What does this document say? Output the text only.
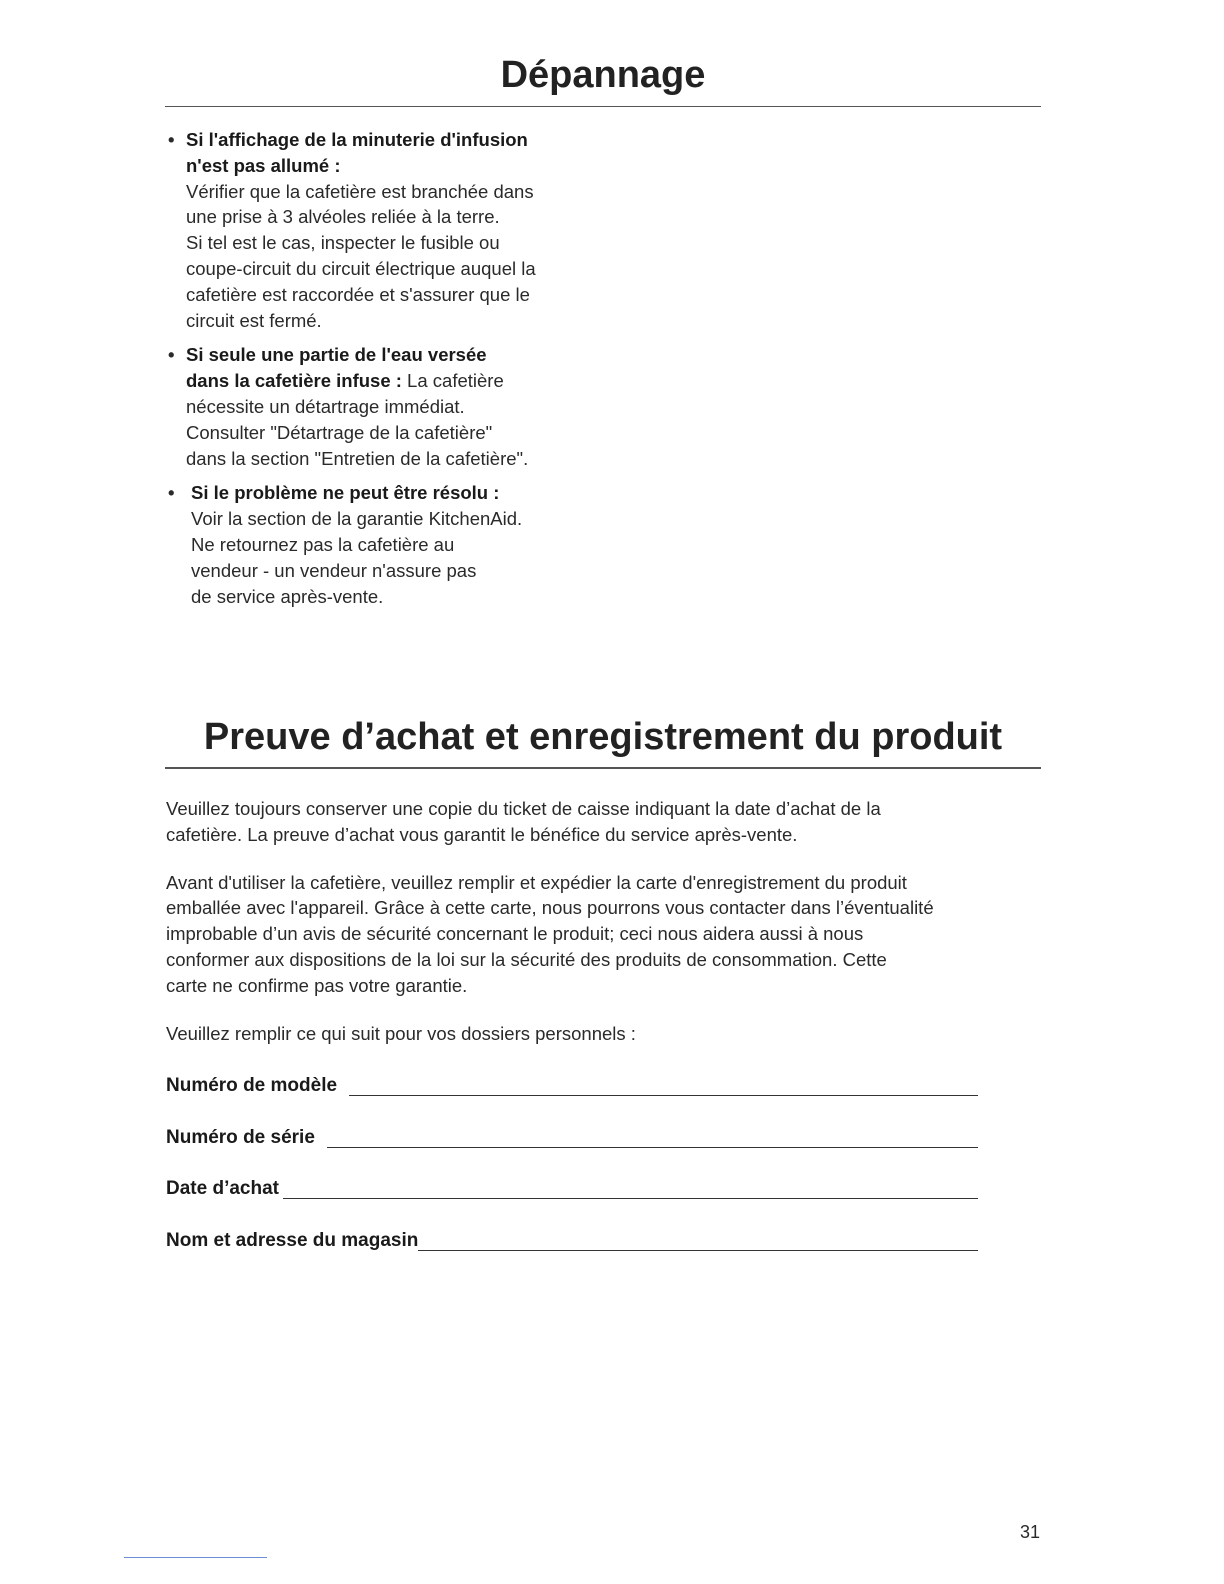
Dépannage
• Si l'affichage de la minuterie d'infusion
n'est pas allumé :
Vérifier que la cafetière est branchée dans
une prise à 3 alvéoles reliée à la terre.
Si tel est le cas, inspecter le fusible ou
coupe-circuit du circuit électrique auquel la
cafetière est raccordée et s'assurer que le
circuit est fermé.
• Si seule une partie de l'eau versée
dans la cafetière infuse : La cafetière
nécessite un détartrage immédiat.
Consulter "Détartrage de la cafetière"
dans la section "Entretien de la cafetière".
• Si le problème ne peut être résolu :
Voir la section de la garantie KitchenAid.
Ne retournez pas la cafetière au
vendeur - un vendeur n'assure pas
de service après-vente.
Preuve d’achat et enregistrement du produit

Veuillez toujours conserver une copie du ticket de caisse indiquant la date d’achat de la
cafetière. La preuve d’achat vous garantit le bénéfice du service après-vente.

Avant d'utiliser la cafetière, veuillez remplir et expédier la carte d'enregistrement du produit
emballée avec l'appareil. Grâce à cette carte, nous pourrons vous contacter dans l’éventualité
improbable d’un avis de sécurité concernant le produit; ceci nous aidera aussi à nous
conformer aux dispositions de la loi sur la sécurité des produits de consommation. Cette
carte ne confirme pas votre garantie.

Veuillez remplir ce qui suit pour vos dossiers personnels :

Numéro de modèle
Numéro de série
Date d’achat
Nom et adresse du magasin
31
